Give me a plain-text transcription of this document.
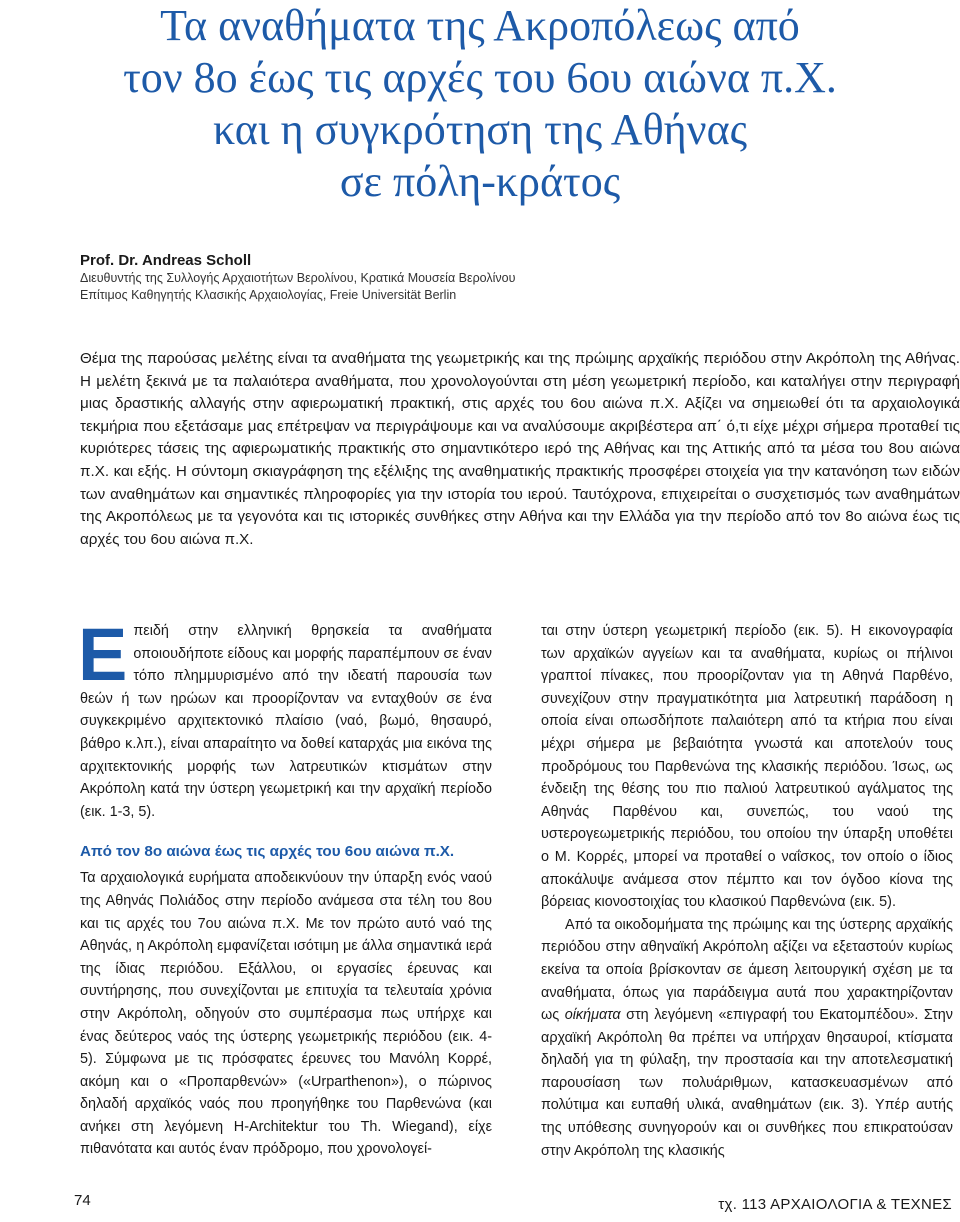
Τα αναθήματα της Ακροπόλεως από
τον 8ο έως τις αρχές του 6ου αιώνα π.Χ.
και η συγκρότηση της Αθήνας
σε πόλη-κράτος
Prof. Dr. Andreas Scholl
Διευθυντής της Συλλογής Αρχαιοτήτων Βερολίνου, Κρατικά Μουσεία Βερολίνου
Επίτιμος Καθηγητής Κλασικής Αρχαιολογίας, Freie Universität Berlin

Θέμα της παρούσας μελέτης είναι τα αναθήματα της γεωμετρικής και της πρώιμης αρχαϊκής περιόδου στην Ακρόπολη της Αθήνας. Η μελέτη ξεκινά με τα παλαιότερα αναθήματα, που χρονολογούνται στη μέση γεωμετρική περίοδο, και καταλήγει στην περιγραφή μιας δραστικής αλλαγής στην αφιερωματική πρακτική, στις αρχές του 6ου αιώνα π.Χ. Αξίζει να σημειωθεί ότι τα αρχαιολογικά τεκμήρια που εξετάσαμε μας επέτρεψαν να περιγράψουμε και να αναλύσουμε ακριβέστερα απ΄ ό,τι είχε μέχρι σήμερα προταθεί τις κυριότερες τάσεις της αφιερωματικής πρακτικής στο σημαντικότερο ιερό της Αθήνας και της Αττικής από τα μέσα του 8ου αιώνα π.Χ. και εξής. Η σύντομη σκιαγράφηση της εξέλιξης της αναθηματικής πρακτικής προσφέρει στοιχεία για την κατανόηση των ειδών των αναθημάτων και σημαντικές πληροφορίες για την ιστορία του ιερού. Ταυτόχρονα, επιχειρείται ο συσχετισμός των αναθημάτων της Ακροπόλεως με τα γεγονότα και τις ιστορικές συνθήκες στην Αθήνα και την Ελλάδα για την περίοδο από τον 8ο αιώνα έως τις αρχές του 6ου αιώνα π.Χ.

Ε πειδή στην ελληνική θρησκεία τα αναθήματα οποιουδήποτε είδους και μορφής παραπέμπουν σε έναν τόπο πλημμυρισμένο από την ιδεατή παρουσία των θεών ή των ηρώων και προορίζονταν να ενταχθούν σε ένα συγκεκριμένο αρχιτεκτονικό πλαίσιο (ναό, βωμό, θησαυρό, βάθρο κ.λπ.), είναι απαραίτητο να δοθεί καταρχάς μια εικόνα της αρχιτεκτονικής μορφής των λατρευτικών κτισμάτων στην Ακρόπολη κατά την ύστερη γεωμετρική και την αρχαϊκή περίοδο (εικ. 1-3, 5).

Από τον 8ο αιώνα έως τις αρχές του 6ου αιώνα π.Χ.

Τα αρχαιολογικά ευρήματα αποδεικνύουν την ύπαρξη ενός ναού της Αθηνάς Πολιάδος στην περίοδο ανάμεσα στα τέλη του 8ου και τις αρχές του 7ου αιώνα π.Χ. Με τον πρώτο αυτό ναό της Αθηνάς, η Ακρόπολη εμφανίζεται ισότιμη με άλλα σημαντικά ιερά της ίδιας περιόδου. Εξάλλου, οι εργασίες έρευνας και συντήρησης, που συνεχίζονται με επιτυχία τα τελευταία χρόνια στην Ακρόπολη, οδηγούν στο συμπέρασμα πως υπήρχε και ένας δεύτερος ναός της ύστερης γεωμετρικής περιόδου (εικ. 4-5). Σύμφωνα με τις πρόσφατες έρευνες του Μανόλη Κορρέ, ακόμη και ο «Προπαρθενών» («Urparthenon»), ο πώρινος δηλαδή αρχαϊκός ναός που προηγήθηκε του Παρθενώνα (και ανήκει στη λεγόμενη H-Architektur του Th. Wiegand), είχε πιθανότατα και αυτός έναν πρόδρομο, που χρονολογεί-

ται στην ύστερη γεωμετρική περίοδο (εικ. 5). Η εικονογραφία των αρχαϊκών αγγείων και τα αναθήματα, κυρίως οι πήλινοι γραπτοί πίνακες, που προορίζονταν για τη Αθηνά Παρθένο, συνεχίζουν στην πραγματικότητα μια λατρευτική παράδοση η οποία είναι οπωσδήποτε παλαιότερη από τα κτήρια που είναι μέχρι σήμερα με βεβαιότητα γνωστά και αποτελούν τους προδρόμους του Παρθενώνα της κλασικής περιόδου. Ίσως, ως ένδειξη της θέσης του πιο παλιού λατρευτικού αγάλματος της Αθηνάς Παρθένου και, συνεπώς, του ναού της υστερογεωμετρικής περιόδου, του οποίου την ύπαρξη υποθέτει ο Μ. Κορρές, μπορεί να προταθεί ο ναΐσκος, τον οποίο ο ίδιος αποκάλυψε ανάμεσα στον πέμπτο και τον όγδοο κίονα της βόρειας κιονοστοιχίας του κλασικού Παρθενώνα (εικ. 5).

Από τα οικοδομήματα της πρώιμης και της ύστερης αρχαϊκής περιόδου στην αθηναϊκή Ακρόπολη αξίζει να εξεταστούν κυρίως εκείνα τα οποία βρίσκονταν σε άμεση λειτουργική σχέση με τα αναθήματα, όπως για παράδειγμα αυτά που χαρακτηρίζονταν ως οίκήματα στη λεγόμενη «επιγραφή του Εκατομπέδου». Στην αρχαϊκή Ακρόπολη θα πρέπει να υπήρχαν θησαυροί, κτίσματα δηλαδή για τη φύλαξη, την προστασία και την αποτελεσματική παρουσίαση των πολυάριθμων, κατασκευασμένων από πολύτιμα και ευπαθή υλικά, αναθημάτων (εικ. 3). Υπέρ αυτής της υπόθεσης συνηγορούν και οι συνθήκες που επικρατούσαν στην Ακρόπολη της κλασικής

74	τχ. 113 ΑΡΧΑΙΟΛΟΓΙΑ & ΤΕΧΝΕΣ
